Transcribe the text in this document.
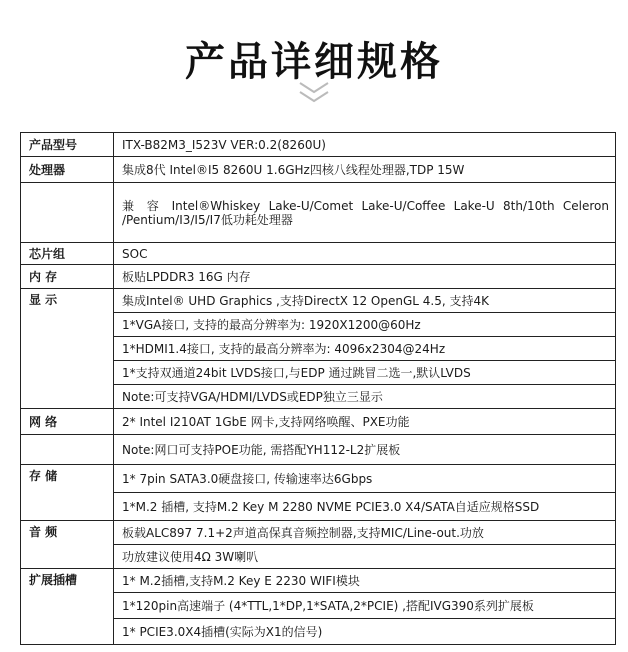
产品详细规格
产品型号	ITX-B82M3_I523V VER:0.2(8260U)
处理器	集成8代 Intel®I5 8260U 1.6GHz四核八线程处理器,TDP 15W
	兼 容 Intel®Whiskey Lake-U/Comet Lake-U/Coffee Lake-U 8th/10th Celeron /Pentium/I3/I5/I7低功耗处理器
芯片组	SOC
内 存	板贴LPDDR3 16G 内存
显 示	集成Intel® UHD Graphics ,支持DirectX 12 OpenGL 4.5, 支持4K
	1*VGA接口, 支持的最高分辨率为: 1920X1200@60Hz
	1*HDMI1.4接口, 支持的最高分辨率为: 4096x2304@24Hz
	1*支持双通道24bit LVDS接口,与EDP 通过跳冒二选一,默认LVDS
	Note:可支持VGA/HDMI/LVDS或EDP独立三显示
网 络	2* Intel I210AT 1GbE 网卡,支持网络唤醒、PXE功能
	Note:网口可支持POE功能, 需搭配YH112-L2扩展板
存 储	1* 7pin SATA3.0硬盘接口, 传输速率达6Gbps
	1*M.2 插槽, 支持M.2 Key M 2280 NVME PCIE3.0 X4/SATA自适应规格SSD
音 频	板载ALC897 7.1+2声道高保真音频控制器,支持MIC/Line-out.功放
	功放建议使用4Ω 3W喇叭
扩展插槽	1* M.2插槽,支持M.2 Key E 2230 WIFI模块
	1*120pin高速端子 (4*TTL,1*DP,1*SATA,2*PCIE) ,搭配IVG390系列扩展板
	1* PCIE3.0X4插槽(实际为X1的信号)
